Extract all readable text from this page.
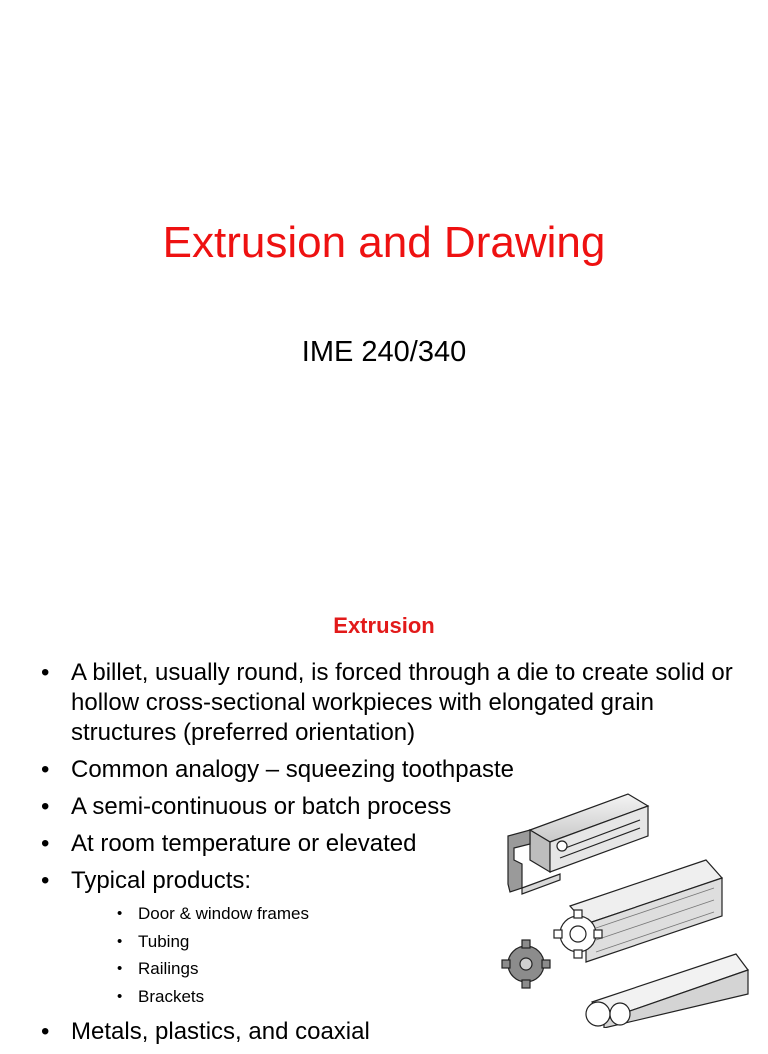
Extrusion and Drawing
IME 240/340
Extrusion
• A billet, usually round, is forced through a die to create solid or hollow cross-sectional workpieces with elongated grain structures (preferred orientation)
• Common analogy – squeezing toothpaste
• A semi-continuous or batch process
• At room temperature or elevated
• Typical products:
• Door & window frames
• Tubing
• Railings
• Brackets
• Metals, plastics, and coaxial
